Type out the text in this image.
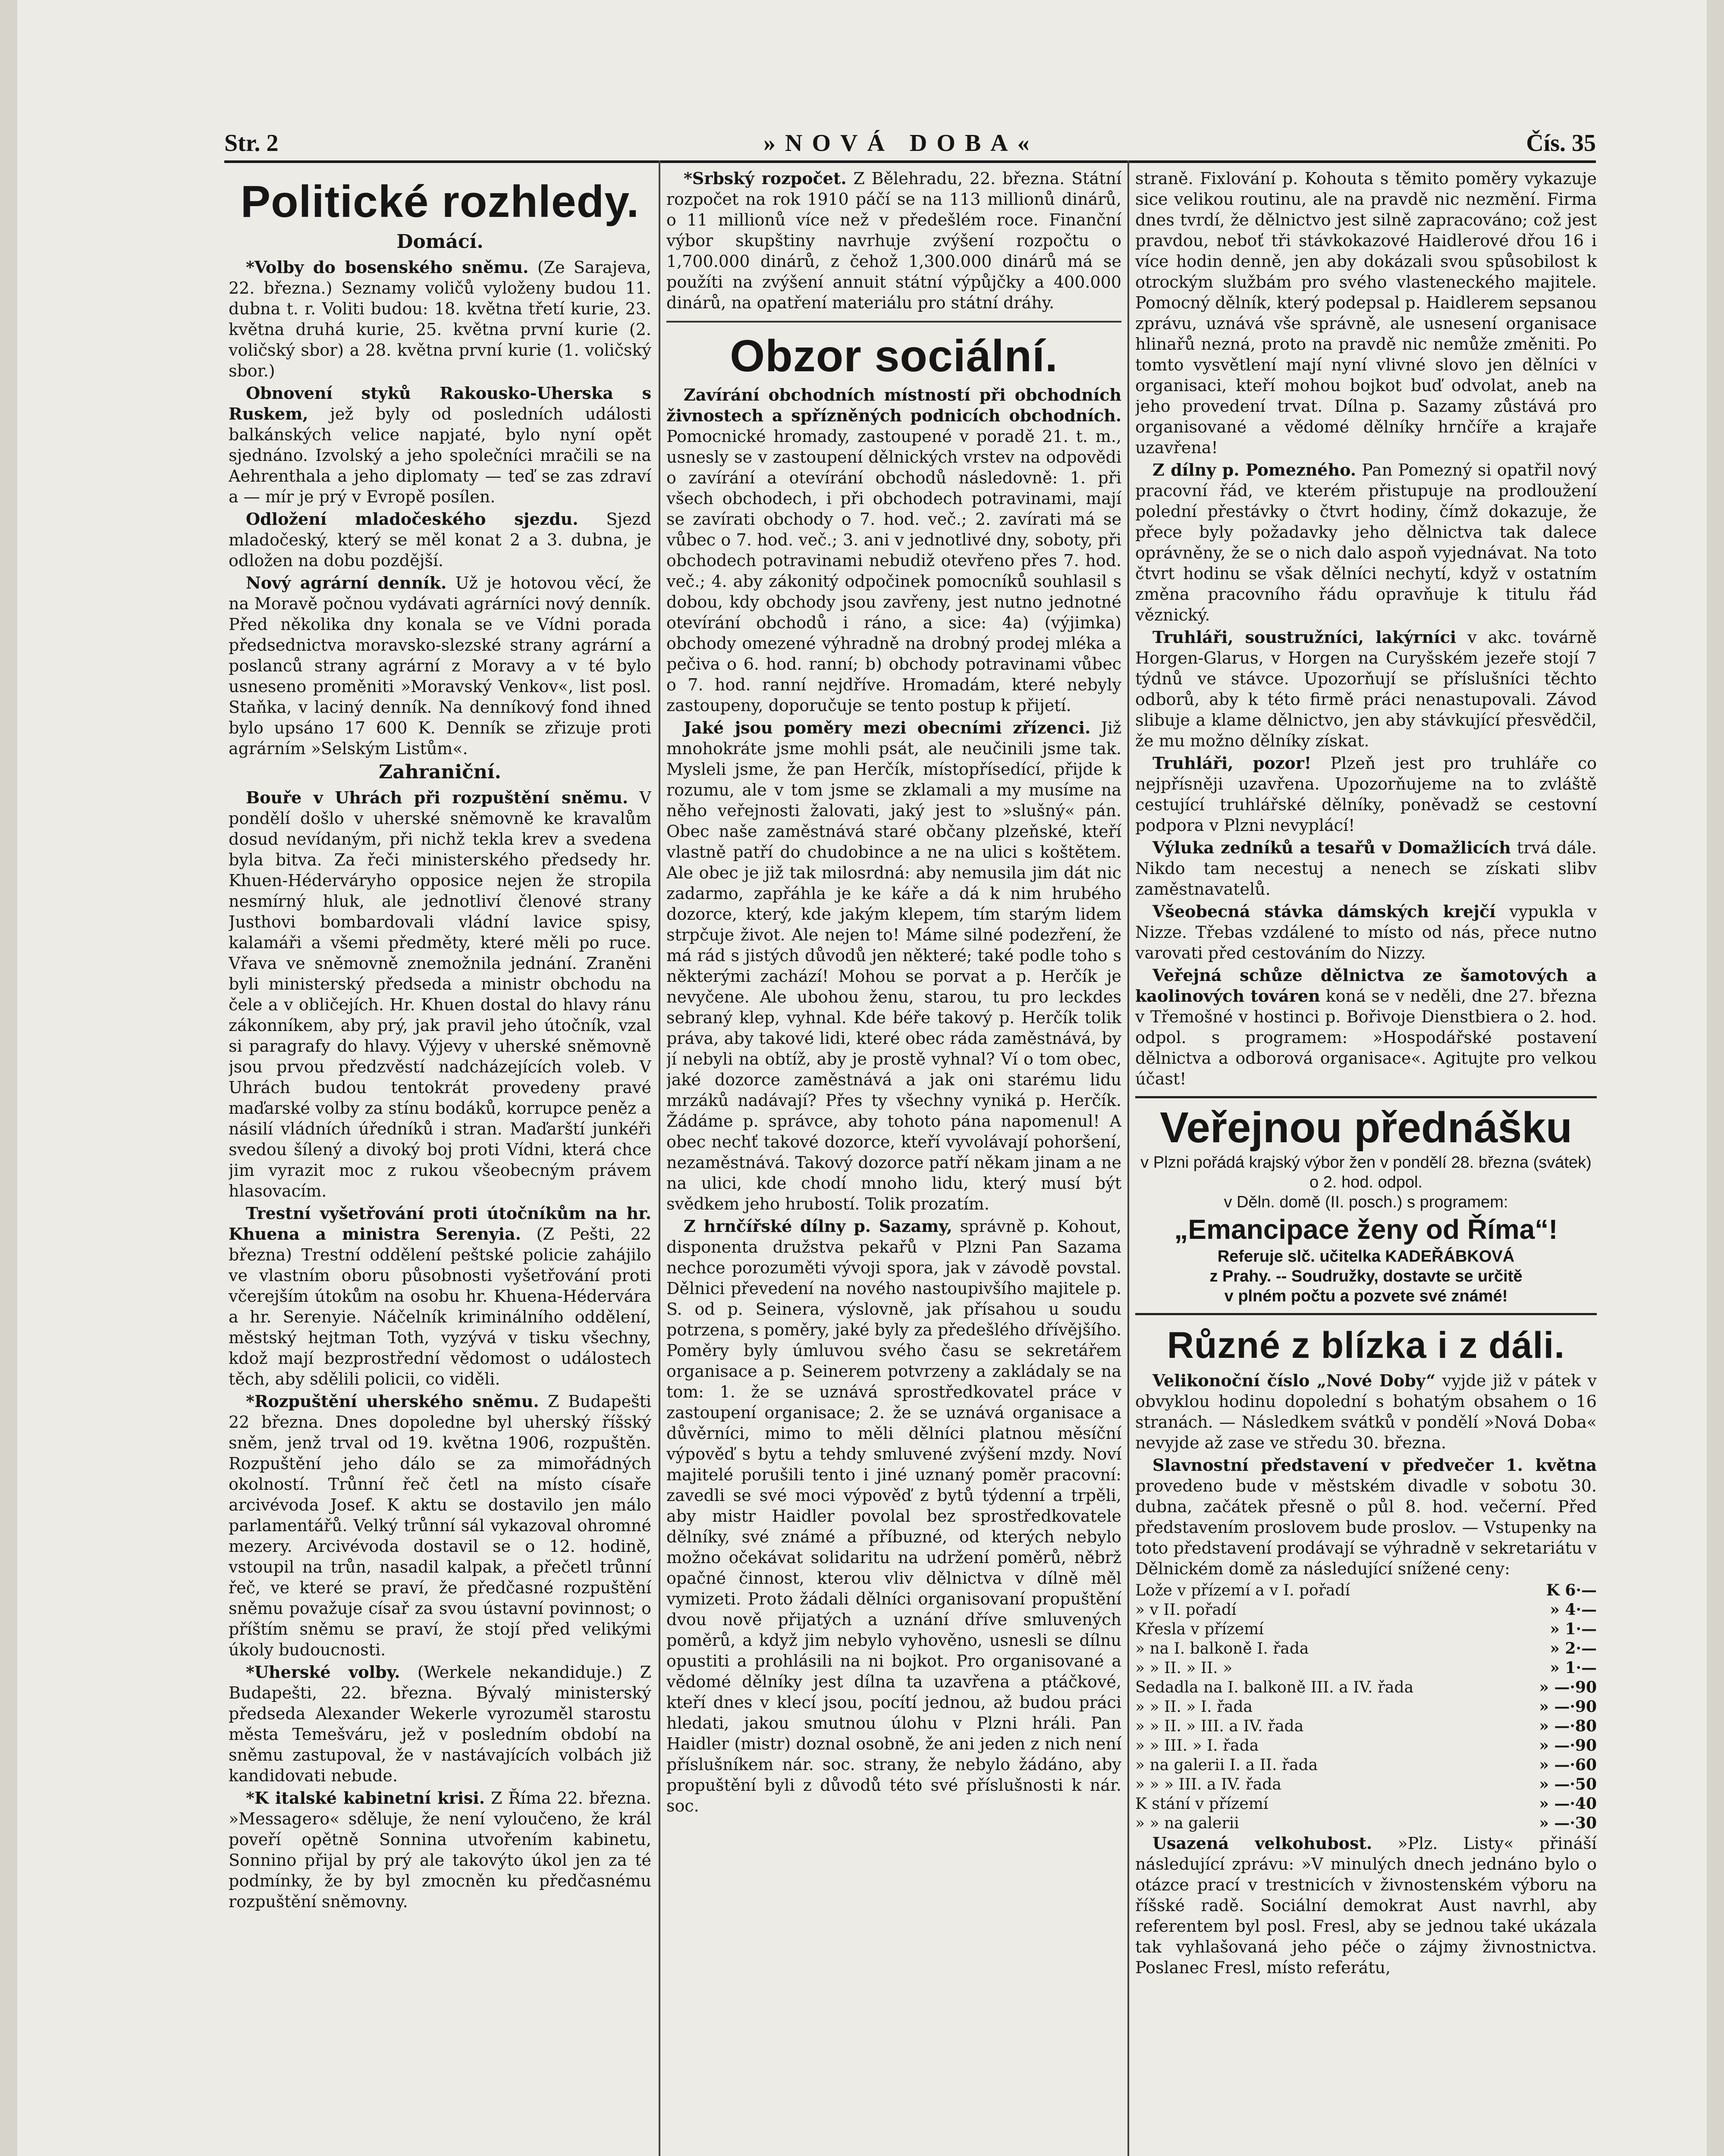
Str. 2	»NOVÁ DOBA«	Čís. 35
Politické rozhledy.
Domácí.

*Volby do bosenského sněmu. (Ze Sarajeva, 22. března.) Seznamy voličů vyloženy budou 11. dubna t. r. Voliti budou: 18. května třetí kurie, 23. května druhá kurie, 25. května první kurie (2. voličský sbor) a 28. května první kurie (1. voličský sbor.)

Obnovení styků Rakousko-Uherska s Ruskem, jež byly od posledních události balkánských velice napjaté, bylo nyní opět sjednáno. Izvolský a jeho společníci mračili se na Aehrenthala a jeho diplomaty — teď se zas zdraví a — mír je prý v Evropě posílen.

Odložení mladočeského sjezdu. Sjezd mladočeský, který se měl konat 2 a 3. dubna, je odložen na dobu pozdější.

Nový agrární denník. Už je hotovou věcí, že na Moravě počnou vydávati agrárníci nový denník. Před několika dny konala se ve Vídni porada předsednictva moravsko-slezské strany agrární a poslanců strany agrární z Moravy a v té bylo usneseno proměniti »Moravský Venkov«, list posl. Staňka, v laciný denník. Na denníkový fond ihned bylo upsáno 17 600 K. Denník se zřizuje proti agrárním »Selským Listům«.

Zahraniční.

Bouře v Uhrách při rozpuštění sněmu. V pondělí došlo v uherské sněmovně ke kravalům dosud nevídaným, při nichž tekla krev a svedena byla bitva. Za řeči ministerského předsedy hr. Khuen-Héderváryho opposice nejen že stropila nesmírný hluk, ale jednotliví členové strany Justhovi bombardovali vládní lavice spisy, kalamáři a všemi předměty, které měli po ruce. Vřava ve sněmovně znemožnila jednání. Zraněni byli ministerský předseda a ministr obchodu na čele a v obličejích. Hr. Khuen dostal do hlavy ránu zákonníkem, aby prý, jak pravil jeho útočník, vzal si paragrafy do hlavy. Výjevy v uherské sněmovně jsou prvou předzvěstí nadcházejících voleb. V Uhrách budou tentokrát provedeny pravé maďarské volby za stínu bodáků, korrupce peněz a násilí vládních úředníků i stran. Maďarští junkéři svedou šílený a divoký boj proti Vídni, která chce jim vyrazit moc z rukou všeobecným právem hlasovacím.

Trestní vyšetřování proti útočníkům na hr. Khuena a ministra Serenyia. (Z Pešti, 22 března) Trestní oddělení peštské policie zahájilo ve vlastním oboru působnosti vyšetřování proti včerejším útokům na osobu hr. Khuena-Hédervára a hr. Serenyie. Náčelník kriminálního oddělení, městský hejtman Toth, vyzývá v tisku všechny, kdož mají bezprostřední vědomost o událostech těch, aby sdělili policii, co viděli.

*Rozpuštění uherského sněmu. Z Budapešti 22 března. Dnes dopoledne byl uherský říšský sněm, jenž trval od 19. května 1906, rozpuštěn. Rozpuštění jeho dálo se za mimořádných okolností. Trůnní řeč četl na místo císaře arcivévoda Josef. K aktu se dostavilo jen málo parlamentářů. Velký trůnní sál vykazoval ohromné mezery. Arcivévoda dostavil se o 12. hodině, vstoupil na trůn, nasadil kalpak, a přečetl trůnní řeč, ve které se praví, že předčasné rozpuštění sněmu považuje císař za svou ústavní povinnost; o příštím sněmu se praví, že stojí před velikými úkoly budoucnosti.

*Uherské volby. (Werkele nekandiduje.) Z Budapešti, 22. března. Bývalý ministerský předseda Alexander Wekerle vyrozuměl starostu města Temešváru, jež v posledním období na sněmu zastupoval, že v nastávajících volbách již kandidovati nebude.

*K italské kabinetní krisi. Z Říma 22. března. »Messagero« sděluje, že není vyloučeno, že král poveří opětně Sonnina utvořením kabinetu, Sonnino přijal by prý ale takovýto úkol jen za té podmínky, že by byl zmocněn ku předčasnému rozpuštění sněmovny.

*Srbský rozpočet. Z Bělehradu, 22. března. Státní rozpočet na rok 1910 páčí se na 113 millionů dinárů, o 11 millionů více než v předešlém roce. Finanční výbor skupštiny navrhuje zvýšení rozpočtu o 1,700.000 dinárů, z čehož 1,300.000 dinárů má se použíti na zvýšení annuit státní výpůjčky a 400.000 dinárů, na opatření materiálu pro státní dráhy.

Obzor sociální.

Zavírání obchodních místností při obchodních živnostech a spřízněných podnicích obchodních. Pomocnické hromady, zastoupené v poradě 21. t. m., usnesly se v zastoupení dělnických vrstev na odpovědi o zavírání a otevírání obchodů následovně: 1. při všech obchodech, i při obchodech potravinami, mají se zavírati obchody o 7. hod. več.; 2. zavírati má se vůbec o 7. hod. več.; 3. ani v jednotlivé dny, soboty, při obchodech potravinami nebudiž otevřeno přes 7. hod. več.; 4. aby zákonitý odpočinek pomocníků souhlasil s dobou, kdy obchody jsou zavřeny, jest nutno jednotné otevírání obchodů i ráno, a sice: 4a) (výjimka) obchody omezené výhradně na drobný prodej mléka a pečiva o 6. hod. ranní; b) obchody potravinami vůbec o 7. hod. ranní nejdříve. Hromadám, které nebyly zastoupeny, doporučuje se tento postup k přijetí.

Jaké jsou poměry mezi obecními zřízenci. Již mnohokráte jsme mohli psát, ale neučinili jsme tak. Mysleli jsme, že pan Herčík, místopřísedící, přijde k rozumu, ale v tom jsme se zklamali a my musíme na něho veřejnosti žalovati, jaký jest to »slušný« pán. Obec naše zaměstnává staré občany plzeňské, kteří vlastně patří do chudobince a ne na ulici s koštětem. Ale obec je již tak milosrdná: aby nemusila jim dát nic zadarmo, zapřáhla je ke káře a dá k nim hrubého dozorce, který, kde jakým klepem, tím starým lidem strpčuje život. Ale nejen to! Máme silné podezření, že má rád s jistých důvodů jen některé; také podle toho s některými zachází! Mohou se porvat a p. Herčík je nevyčene. Ale ubohou ženu, starou, tu pro leckdes sebraný klep, vyhnal. Kde béře takový p. Herčík tolik práva, aby takové lidi, které obec ráda zaměstnává, by jí nebyli na obtíž, aby je prostě vyhnal? Ví o tom obec, jaké dozorce zaměstnává a jak oni starému lidu mrzáků nadávají? Přes ty všechny vyniká p. Herčík. Žádáme p. správce, aby tohoto pána napomenul! A obec nechť takové dozorce, kteří vyvolávají pohoršení, nezaměstnává. Takový dozorce patří někam jinam a ne na ulici, kde chodí mnoho lidu, který musí být svědkem jeho hrubostí. Tolik prozatím.

Z hrnčířské dílny p. Sazamy, správně p. Kohout, disponenta družstva pekařů v Plzni Pan Sazama nechce porozuměti vývoji spora, jak v závodě povstal. Dělnici převedení na nového nastoupivšího majitele p. S. od p. Seinera, výslovně, jak přísahou u soudu potrzena, s poměry, jaké byly za předešlého dřívějšího. Poměry byly úmluvou svého času se sekretářem organisace a p. Seinerem potvrzeny a zakládaly se na tom: 1. že se uznává sprostředkovatel práce v zastoupení organisace; 2. že se uznává organisace a důvěrníci, mimo to měli dělníci platnou měsíční výpověď s bytu a tehdy smluvené zvýšení mzdy. Noví majitelé porušili tento i jiné uznaný poměr pracovní: zavedli se své moci výpověď z bytů týdenní a trpěli, aby mistr Haidler povolal bez sprostředkovatele dělníky, své známé a příbuzné, od kterých nebylo možno očekávat solidaritu na udržení poměrů, něbrž opačné činnost, kterou vliv dělnictva v dílně měl vymizeti. Proto žádali dělníci organisovaní propuštění dvou nově přijatých a uznání dříve smluvených poměrů, a když jim nebylo vyhověno, usnesli se dílnu opustiti a prohlásili na ni bojkot. Pro organisované a vědomé dělníky jest dílna ta uzavřena a ptáčkové, kteří dnes v klecí jsou, pocítí jednou, až budou práci hledati, jakou smutnou úlohu v Plzni hráli. Pan Haidler (mistr) doznal osobně, že ani jeden z nich není příslušníkem nár. soc. strany, že nebylo žádáno, aby propuštění byli z důvodů této své příslušnosti k nár. soc.

straně. Fixlování p. Kohouta s těmito poměry vykazuje sice velikou routinu, ale na pravdě nic nezmění. Firma dnes tvrdí, že dělnictvo jest silně zapracováno; což jest pravdou, neboť tři stávkokazové Haidlerové dřou 16 i více hodin denně, jen aby dokázali svou spůsobilost k otrockým službám pro svého vlasteneckého majitele. Pomocný dělník, který podepsal p. Haidlerem sepsanou zprávu, uznává vše správně, ale usnesení organisace hlinařů nezná, proto na pravdě nic nemůže změniti. Po tomto vysvětlení mají nyní vlivné slovo jen dělníci v organisaci, kteří mohou bojkot buď odvolat, aneb na jeho provedení trvat. Dílna p. Sazamy zůstává pro organisované a vědomé dělníky hrnčíře a krajaře uzavřena!

Z dílny p. Pomezného. Pan Pomezný si opatřil nový pracovní řád, ve kterém přistupuje na prodloužení polední přestávky o čtvrt hodiny, čímž dokazuje, že přece byly požadavky jeho dělnictva tak dalece oprávněny, že se o nich dalo aspoň vyjednávat. Na toto čtvrt hodinu se však dělníci nechytí, když v ostatním změna pracovního řádu opravňuje k titulu řád věznický.

Truhláři, soustružníci, lakýrníci v akc. továrně Horgen-Glarus, v Horgen na Curyšském jezeře stojí 7 týdnů ve stávce. Upozorňují se příslušníci těchto odborů, aby k této firmě práci nenastupovali. Závod slibuje a klame dělnictvo, jen aby stávkující přesvědčil, že mu možno dělníky získat.

Truhláři, pozor! Plzeň jest pro truhláře co nejpřísněji uzavřena. Upozorňujeme na to zvláště cestující truhlářské dělníky, poněvadž se cestovní podpora v Plzni nevyplácí!

Výluka zedníků a tesařů v Domažlicích trvá dále. Nikdo tam necestuj a nenech se získati slibv zaměstnavatelů.

Všeobecná stávka dámských krejčí vypukla v Nizze. Třebas vzdálené to místo od nás, přece nutno varovati před cestováním do Nizzy.

Veřejná schůze dělnictva ze šamotových a kaolinových továren koná se v neděli, dne 27. března v Třemošné v hostinci p. Bořivoje Dienstbiera o 2. hod. odpol. s programem: »Hospodářské postavení dělnictva a odborová organisace«. Agitujte pro velkou účast!

Veřejnou přednášku
v Plzni pořádá krajský výbor žen v pondělí 28. března (svátek) o 2. hod. odpol.
v Děln. domě (II. posch.) s programem:
„Emancipace ženy od Říma“!
Referuje slč. učitelka KADEŘÁBKOVÁ
z Prahy. -- Soudružky, dostavte se určitě
v plném počtu a pozvete své známé!
Různé z blízka i z dáli.

Velikonoční číslo „Nové Doby“ vyjde již v pátek v obvyklou hodinu dopolední s bohatým obsahem o 16 stranách. — Následkem svátků v pondělí »Nová Doba« nevyjde až zase ve středu 30. března.

Slavnostní představení v předvečer 1. května provedeno bude v městském divadle v sobotu 30. dubna, začátek přesně o půl 8. hod. večerní. Před představením proslovem bude proslov. — Vstupenky na toto představení prodávají se výhradně v sekretariátu v Dělnickém domě za následující snížené ceny:

Lože v přízemí a v I. pořadí	K 6·—
» v II. pořadí	» 4·—
Křesla v přízemí	» 1·—
» na I. balkoně I. řada	» 2·—
» » II. » II. »	» 1·—
Sedadla na I. balkoně III. a IV. řada	» —·90
» » II. » I. řada	» —·90
» » II. » III. a IV. řada	» —·80
» » III. » I. řada	» —·90
» na galerii I. a II. řada	» —·60
» » » III. a IV. řada	» —·50
K stání v přízemí	» —·40
» » na galerii	» —·30

Usazená velkohubost. »Plz. Listy« přináší následující zprávu: »V minulých dnech jednáno bylo o otázce prací v trestnicích v živnostenském výboru na říšské radě. Sociální demokrat Aust navrhl, aby referentem byl posl. Fresl, aby se jednou také ukázala tak vyhlašovaná jeho péče o zájmy živnostnictva. Poslanec Fresl, místo referátu,
